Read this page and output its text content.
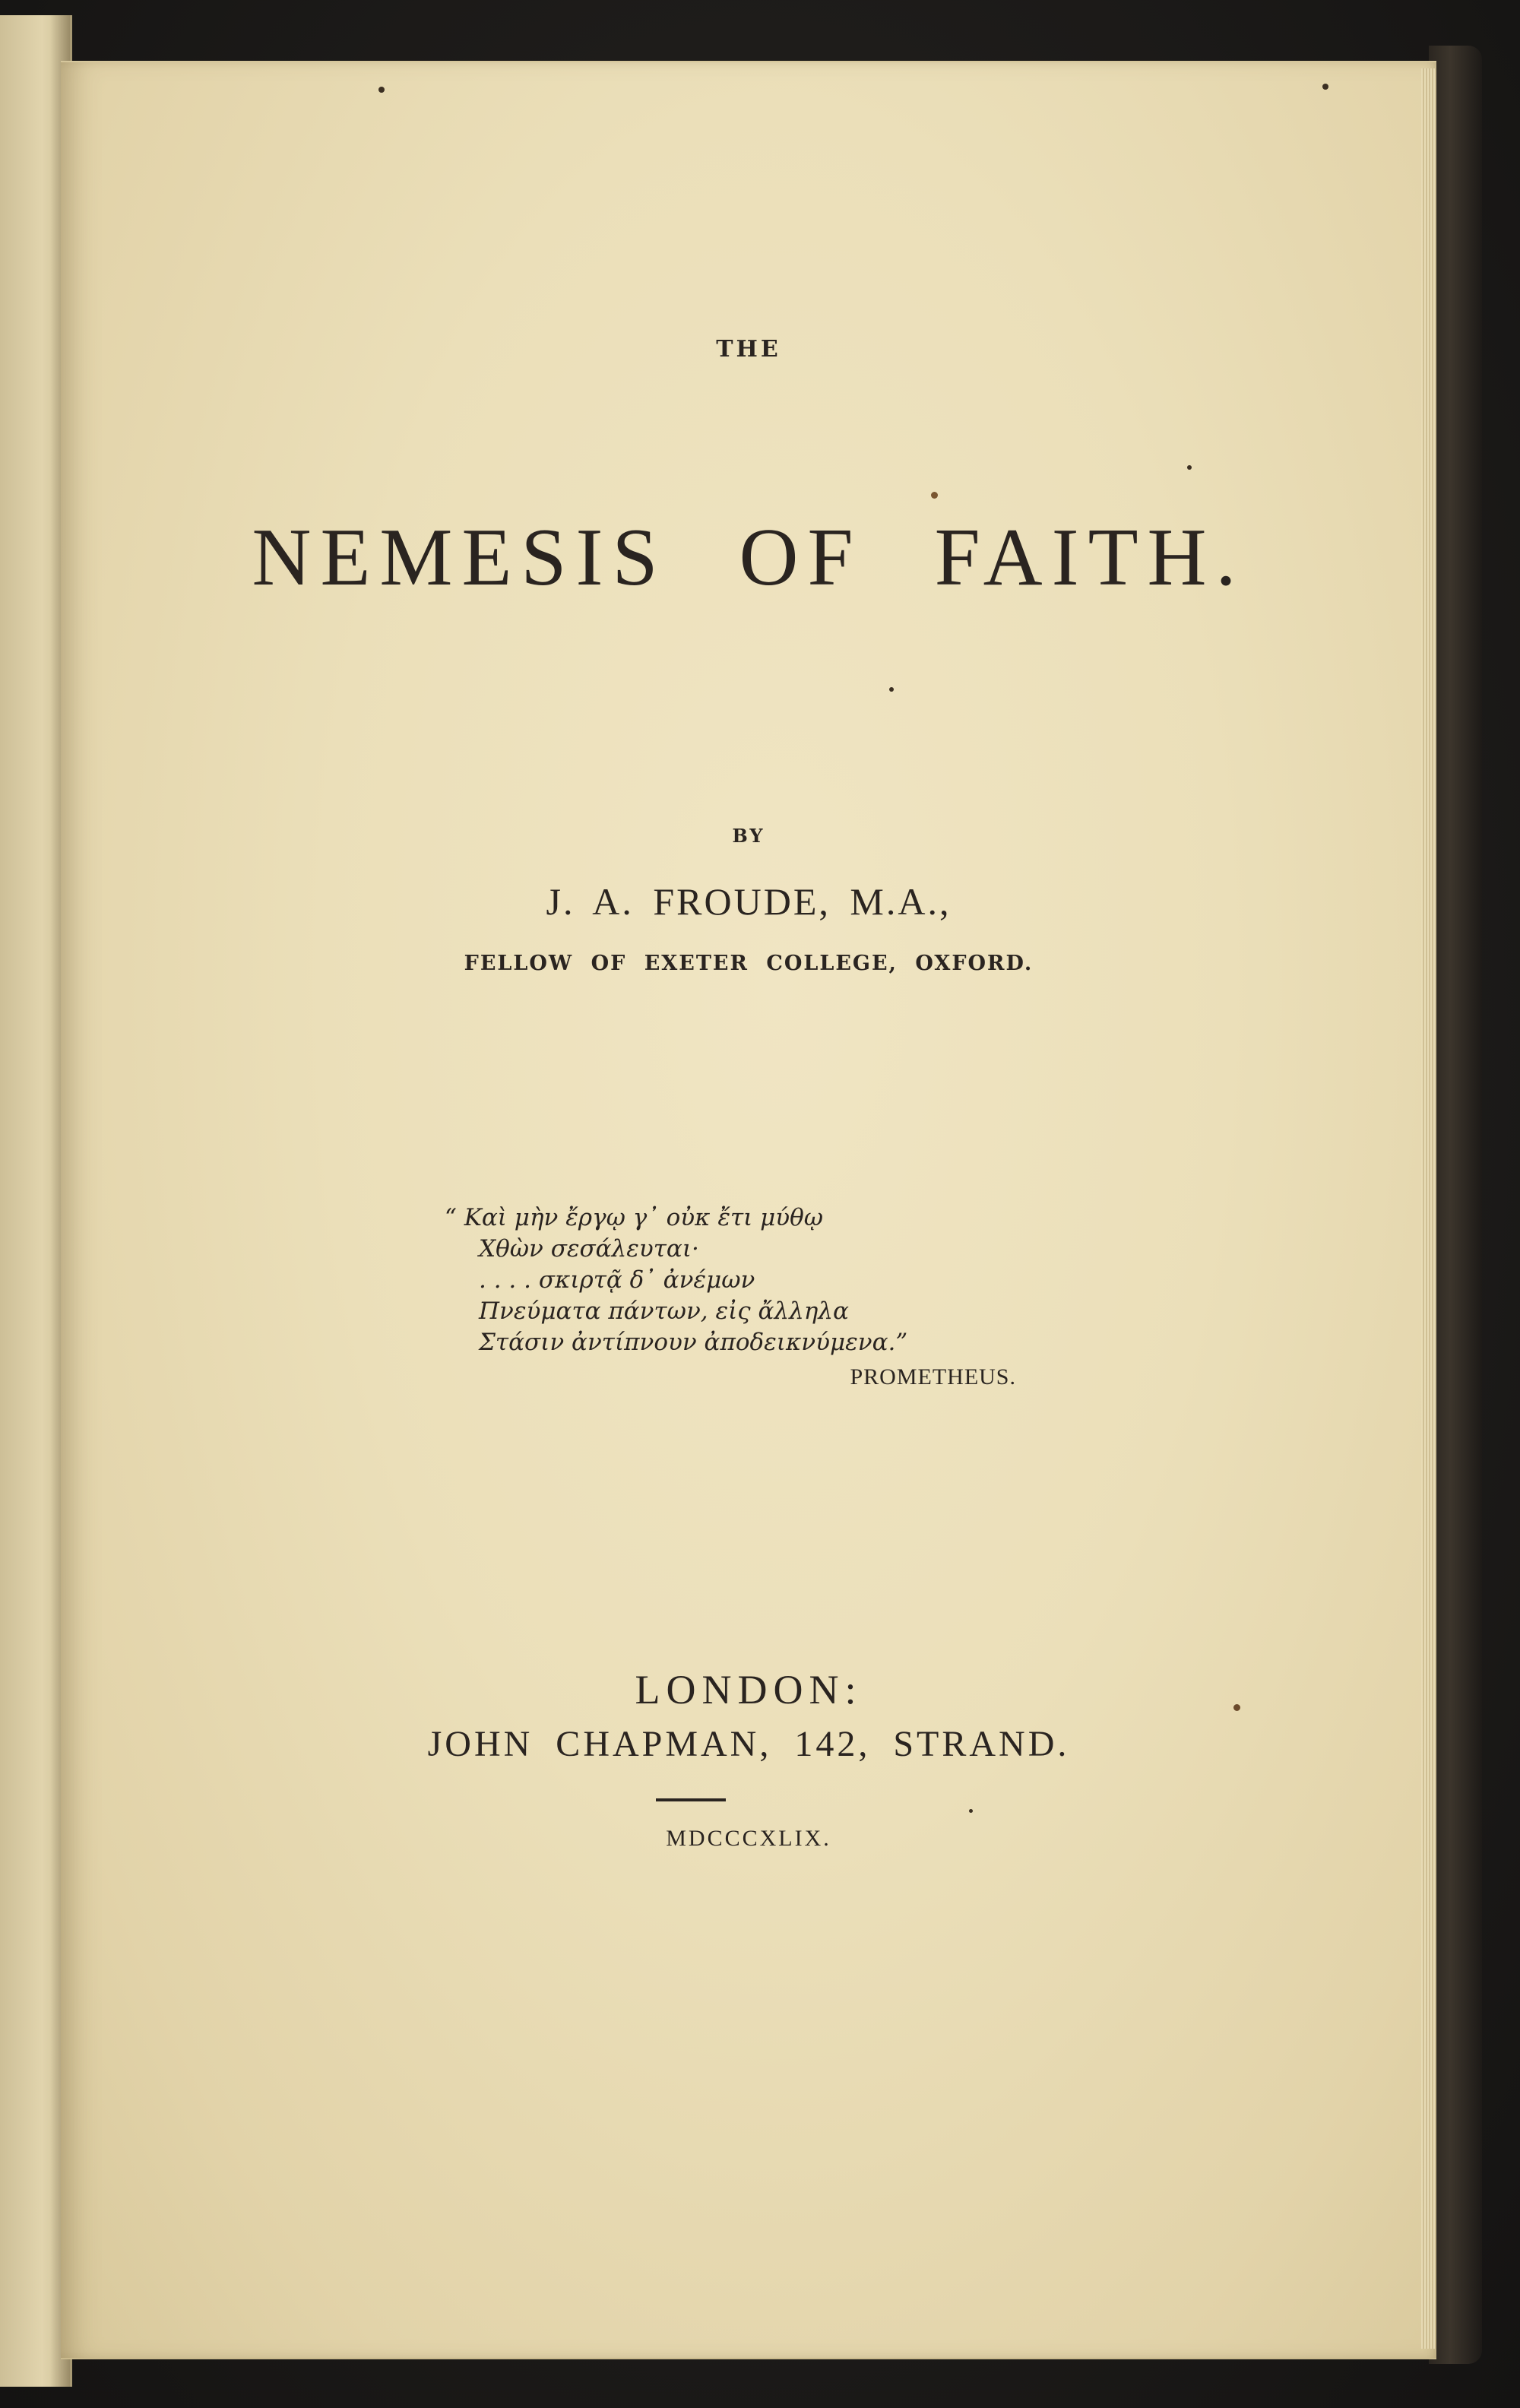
THE
NEMESIS OF FAITH.
BY
J. A. FROUDE, M.A.,
FELLOW OF EXETER COLLEGE, OXFORD.
“ Καὶ μὴν ἔργῳ γ᾽ οὐκ ἔτι μύθῳ
Χθὼν σεσάλευται·
. . . . σκιρτᾷ δ᾽ ἀνέμων
Πνεύματα πάντων, εἰς ἄλληλα
Στάσιν ἀντίπνουν ἀποδεικνύμενα.”
PROMETHEUS.
LONDON:
JOHN CHAPMAN, 142, STRAND.
MDCCCXLIX.
